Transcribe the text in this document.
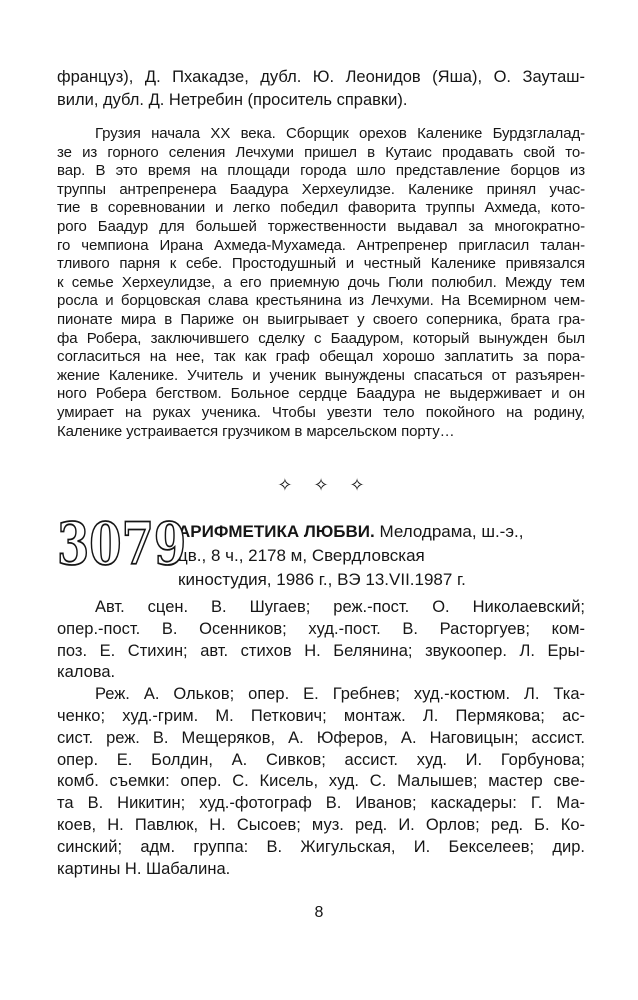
француз), Д. Пхакадзе, дубл. Ю. Леонидов (Яша), О. Зауташ-
вили, дубл. Д. Нетребин (проситель справки).
Грузия начала XX века. Сборщик орехов Каленике Бурдзглалад-
зе из горного селения Лечхуми пришел в Кутаис продавать свой то-
вар. В это время на площади города шло представление борцов из
труппы антрепренера Баадура Херхеулидзе. Каленике принял учас-
тие в соревновании и легко победил фаворита труппы Ахмеда, кото-
рого Баадур для большей торжественности выдавал за многократно-
го чемпиона Ирана Ахмеда-Мухамеда. Антрепренер пригласил талан-
тливого парня к себе. Простодушный и честный Каленике привязался
к семье Херхеулидзе, а его приемную дочь Гюли полюбил. Между тем
росла и борцовская слава крестьянина из Лечхуми. На Всемирном чем-
пионате мира в Париже он выигрывает у своего соперника, брата гра-
фа Робера, заключившего сделку с Баадуром, который вынужден был
согласиться на нее, так как граф обещал хорошо заплатить за пора-
жение Каленике. Учитель и ученик вынуждены спасаться от разъярен-
ного Робера бегством. Больное сердце Баадура не выдерживает и он
умирает на руках ученика. Чтобы увезти тело покойного на родину,
Каленике устраивается грузчиком в марсельском порту…
✧ ✧ ✧
3079
АРИФМЕТИКА ЛЮБВИ. Мелодрама, ш.-э.,
цв., 8 ч., 2178 м, Свердловская
киностудия, 1986 г., ВЭ 13.VII.1987 г.
Авт. сцен. В. Шугаев; реж.-пост. О. Николаевский;
опер.-пост. В. Осенников; худ.-пост. В. Расторгуев; ком-
поз. Е. Стихин; авт. стихов Н. Белянина; звукоопер. Л. Еры-
калова.
Реж. А. Ольков; опер. Е. Гребнев; худ.-костюм. Л. Тка-
ченко; худ.-грим. М. Петкович; монтаж. Л. Пермякова; ас-
сист. реж. В. Мещеряков, А. Юферов, А. Наговицын; ассист.
опер. Е. Болдин, А. Сивков; ассист. худ. И. Горбунова;
комб. съемки: опер. С. Кисель, худ. С. Малышев; мастер све-
та В. Никитин; худ.-фотограф В. Иванов; каскадеры: Г. Ма-
коев, Н. Павлюк, Н. Сысоев; муз. ред. И. Орлов; ред. Б. Ко-
синский; адм. группа: В. Жигульская, И. Бекселеев; дир.
картины Н. Шабалина.
8
